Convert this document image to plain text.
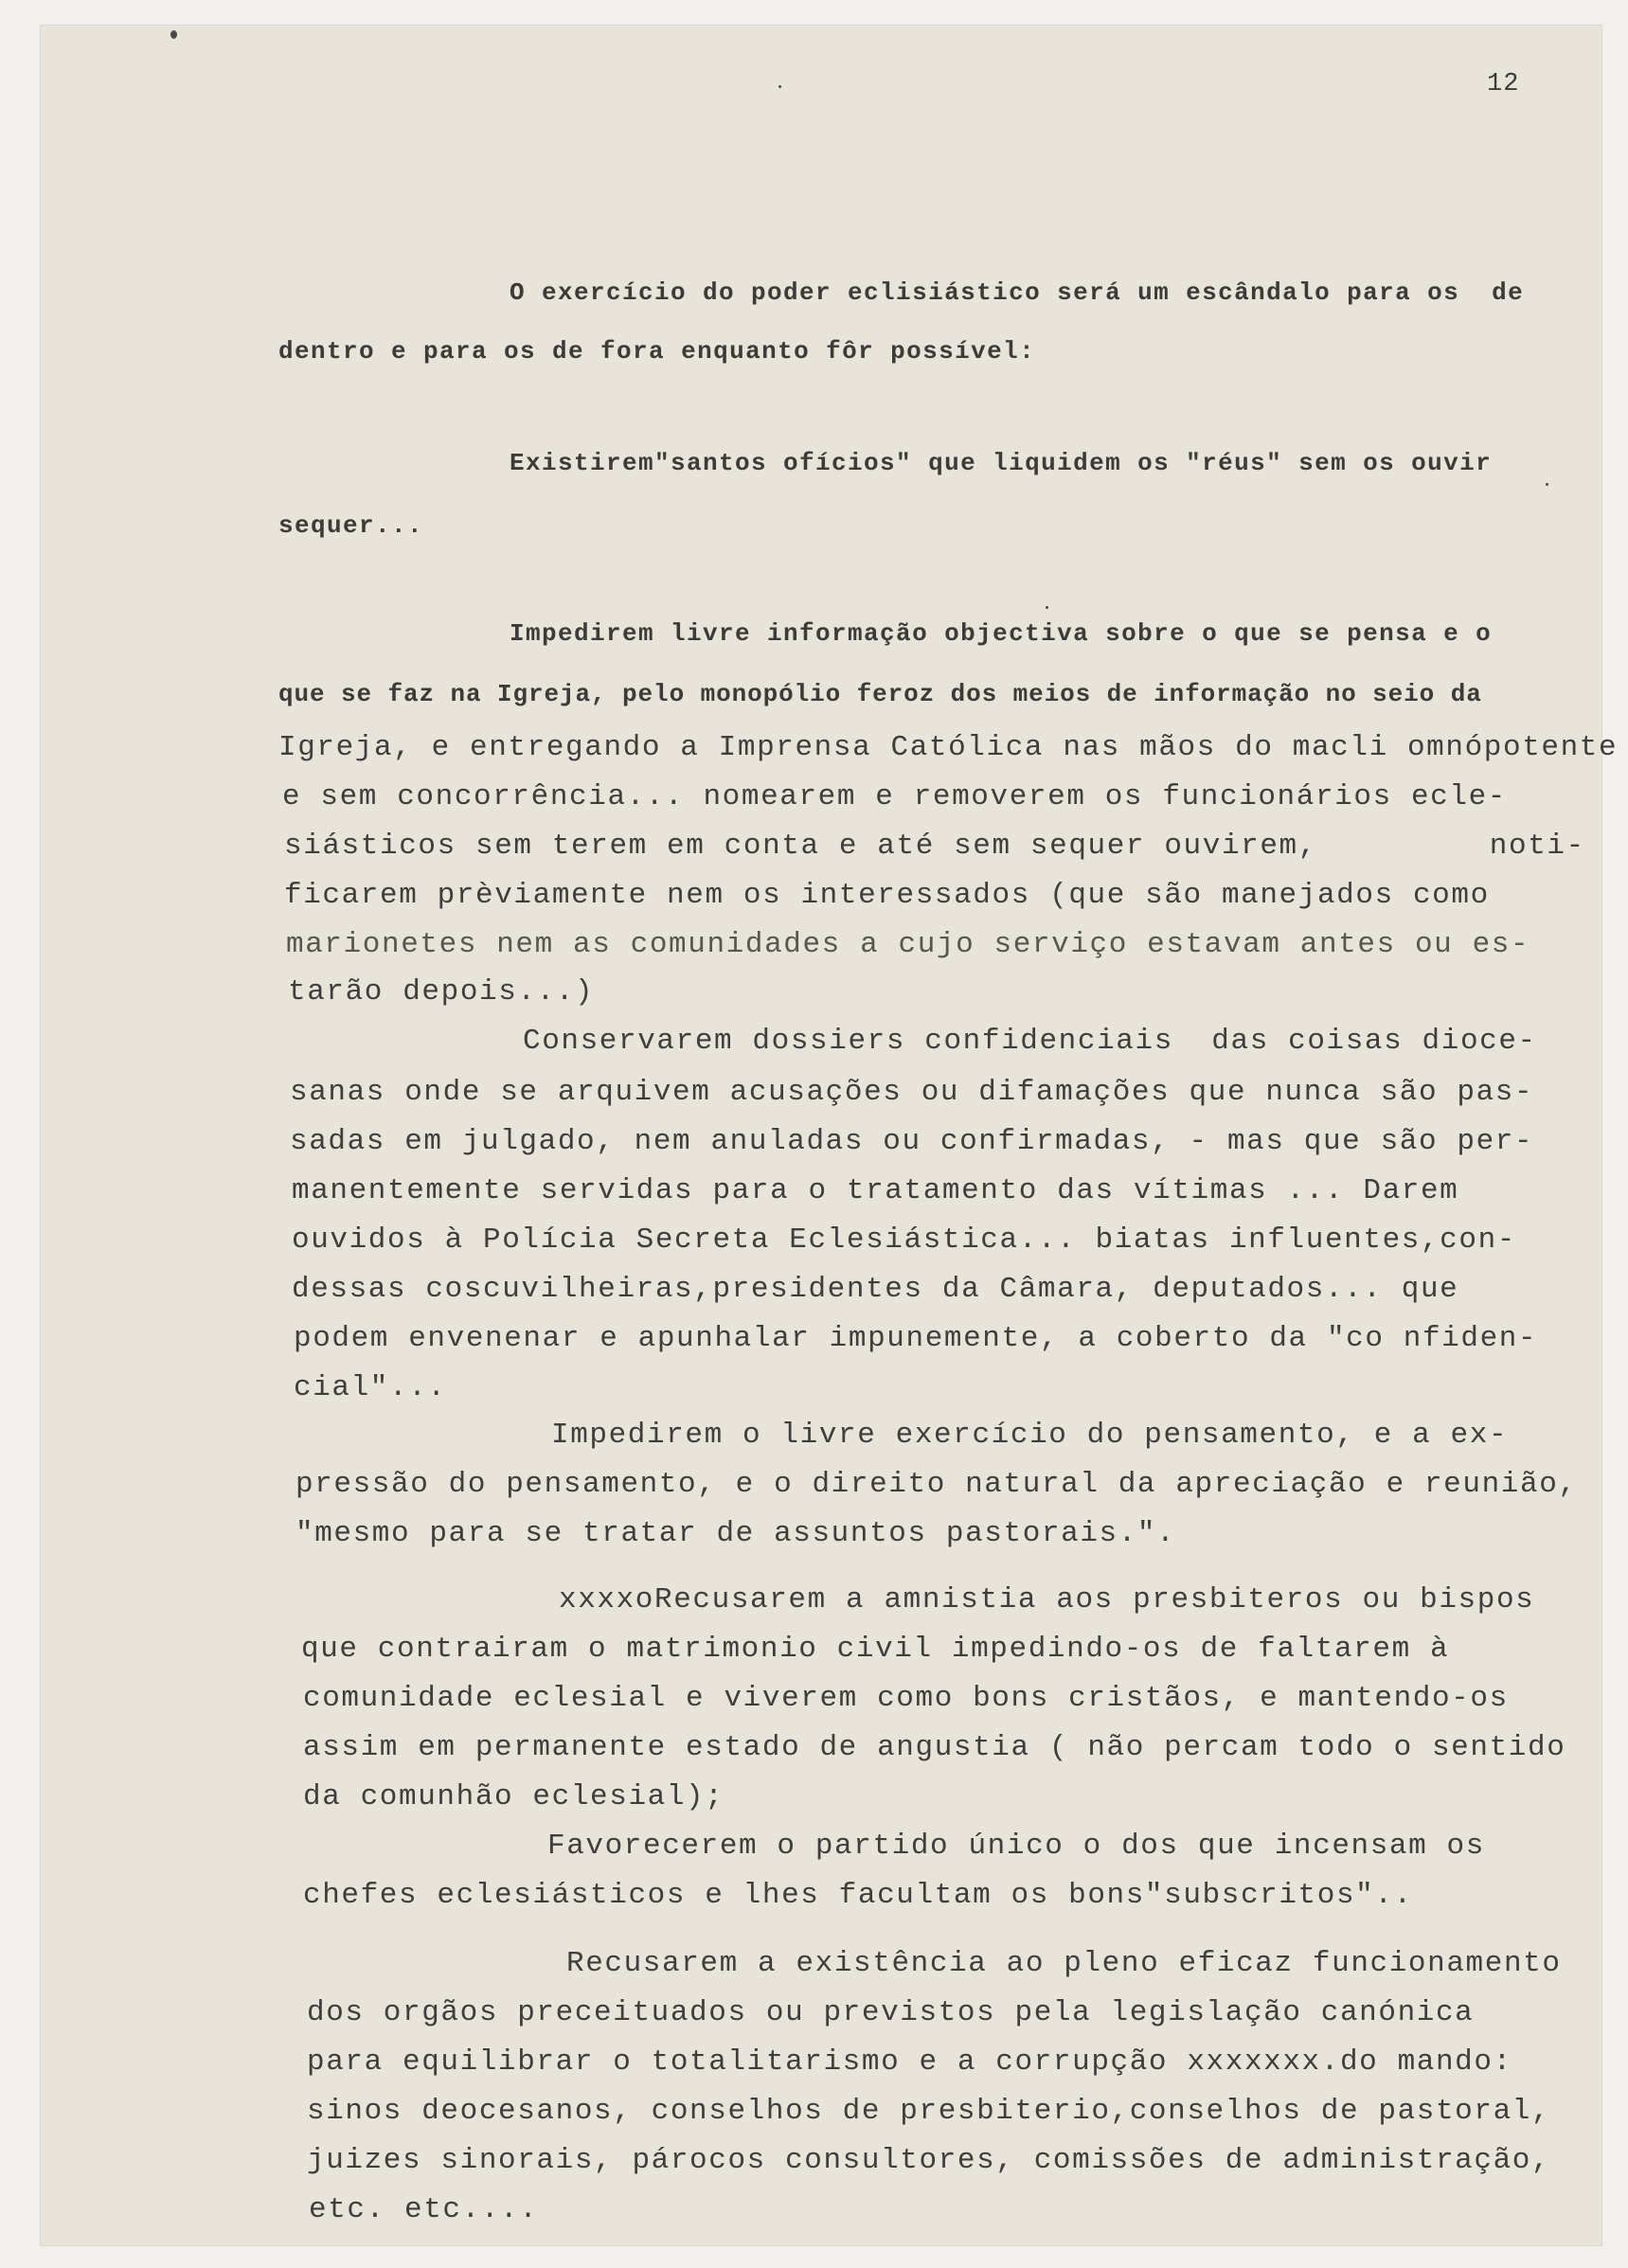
12
O exercício do poder eclisiástico será um escândalo para os  de
dentro e para os de fora enquanto fôr possível:
Existirem"santos ofícios" que liquidem os "réus" sem os ouvir
sequer...
Impedirem livre informação objectiva sobre o que se pensa e o
que se faz na Igreja, pelo monopólio feroz dos meios de informação no seio da
Igreja, e entregando a Imprensa Católica nas mãos do macli omnópotente
e sem concorrência... nomearem e removerem os funcionários ecle-
siásticos sem terem em conta e até sem sequer ouvirem,         noti-
ficarem prèviamente nem os interessados (que são manejados como
marionetes nem as comunidades a cujo serviço estavam antes ou es-
tarão depois...)
Conservarem dossiers confidenciais  das coisas dioce-
sanas onde se arquivem acusações ou difamações que nunca são pas-
sadas em julgado, nem anuladas ou confirmadas, - mas que são per-
manentemente servidas para o tratamento das vítimas ... Darem
ouvidos à Polícia Secreta Eclesiástica... biatas influentes,con-
dessas coscuvilheiras,presidentes da Câmara, deputados... que
podem envenenar e apunhalar impunemente, a coberto da "co nfiden-
cial"...
Impedirem o livre exercício do pensamento, e a ex-
pressão do pensamento, e o direito natural da apreciação e reunião,
"mesmo para se tratar de assuntos pastorais.".
xxxxoRecusarem a amnistia aos presbiteros ou bispos
que contrairam o matrimonio civil impedindo-os de faltarem à
comunidade eclesial e viverem como bons cristãos, e mantendo-os
assim em permanente estado de angustia ( não percam todo o sentido
da comunhão eclesial);
Favorecerem o partido único o dos que incensam os
chefes eclesiásticos e lhes facultam os bons"subscritos"..
Recusarem a existência ao pleno eficaz funcionamento
dos orgãos preceituados ou previstos pela legislação canónica
para equilibrar o totalitarismo e a corrupção xxxxxxx.do mando:
sinos deocesanos, conselhos de presbiterio,conselhos de pastoral,
juizes sinorais, párocos consultores, comissões de administração,
etc. etc....
